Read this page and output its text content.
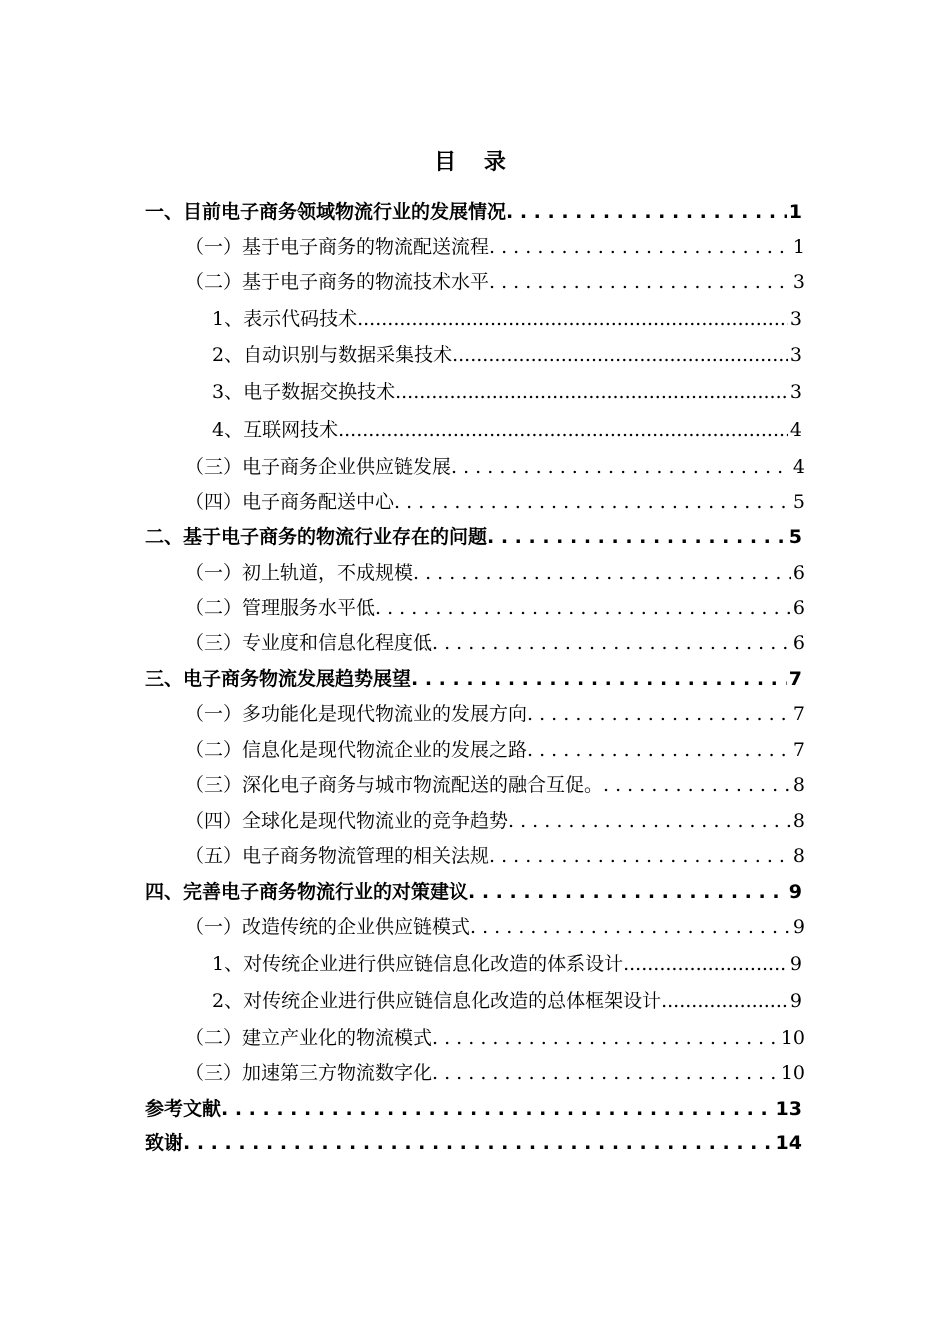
目 录
一、目前电子商务领域物流行业的发展情况 . . .	1
（一）基于电子商务的物流配送流程 . . .	1
（二）基于电子商务的物流技术水平 . . .	3
1、表示代码技术 .....	3
2、自动识别与数据采集技术 .....	3
3、电子数据交换技术 .....	3
4、互联网技术 .....	4
（三）电子商务企业供应链发展 . . .	4
（四）电子商务配送中心 . . .	5
二、基于电子商务的物流行业存在的问题 . . .	5
（一）初上轨道，不成规模 . . .	6
（二）管理服务水平低 . . .	6
（三）专业度和信息化程度低 . . .	6
三、电子商务物流发展趋势展望 . . .	7
（一）多功能化是现代物流业的发展方向 . . .	7
（二）信息化是现代物流企业的发展之路 . . .	7
（三）深化电子商务与城市物流配送的融合互促。 . . .	8
（四）全球化是现代物流业的竞争趋势 . . .	8
（五）电子商务物流管理的相关法规 . . .	8
四、完善电子商务物流行业的对策建议 . . .	9
（一）改造传统的企业供应链模式 . . .	9
1、对传统企业进行供应链信息化改造的体系设计 .....	9
2、对传统企业进行供应链信息化改造的总体框架设计 .....	9
（二）建立产业化的物流模式 . . .	10
（三）加速第三方物流数字化 . . .	10
参考文献 . . .	13
致谢 . . .	14
